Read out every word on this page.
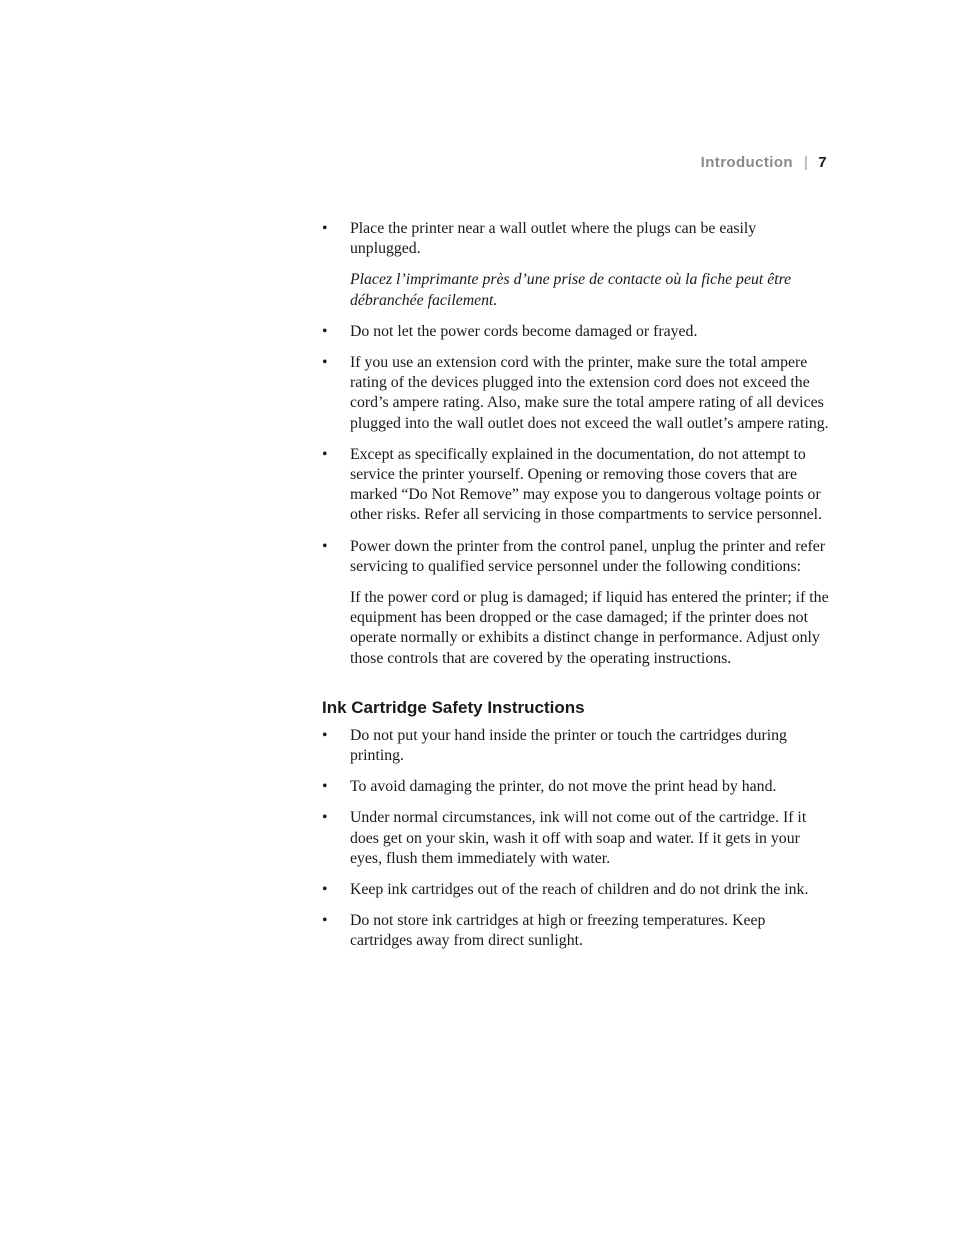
Introduction | 7
• Place the printer near a wall outlet where the plugs can be easily unplugged.

Placez l’imprimante près d’une prise de contacte où la fiche peut être débranchée facilement.

• Do not let the power cords become damaged or frayed.

• If you use an extension cord with the printer, make sure the total ampere rating of the devices plugged into the extension cord does not exceed the cord’s ampere rating. Also, make sure the total ampere rating of all devices plugged into the wall outlet does not exceed the wall outlet’s ampere rating.

• Except as specifically explained in the documentation, do not attempt to service the printer yourself. Opening or removing those covers that are marked “Do Not Remove” may expose you to dangerous voltage points or other risks. Refer all servicing in those compartments to service personnel.

• Power down the printer from the control panel, unplug the printer and refer servicing to qualified service personnel under the following conditions:

If the power cord or plug is damaged; if liquid has entered the printer; if the equipment has been dropped or the case damaged; if the printer does not operate normally or exhibits a distinct change in performance. Adjust only those controls that are covered by the operating instructions.

Ink Cartridge Safety Instructions
• Do not put your hand inside the printer or touch the cartridges during printing.

• To avoid damaging the printer, do not move the print head by hand.

• Under normal circumstances, ink will not come out of the cartridge. If it does get on your skin, wash it off with soap and water. If it gets in your eyes, flush them immediately with water.

• Keep ink cartridges out of the reach of children and do not drink the ink.

• Do not store ink cartridges at high or freezing temperatures. Keep cartridges away from direct sunlight.
